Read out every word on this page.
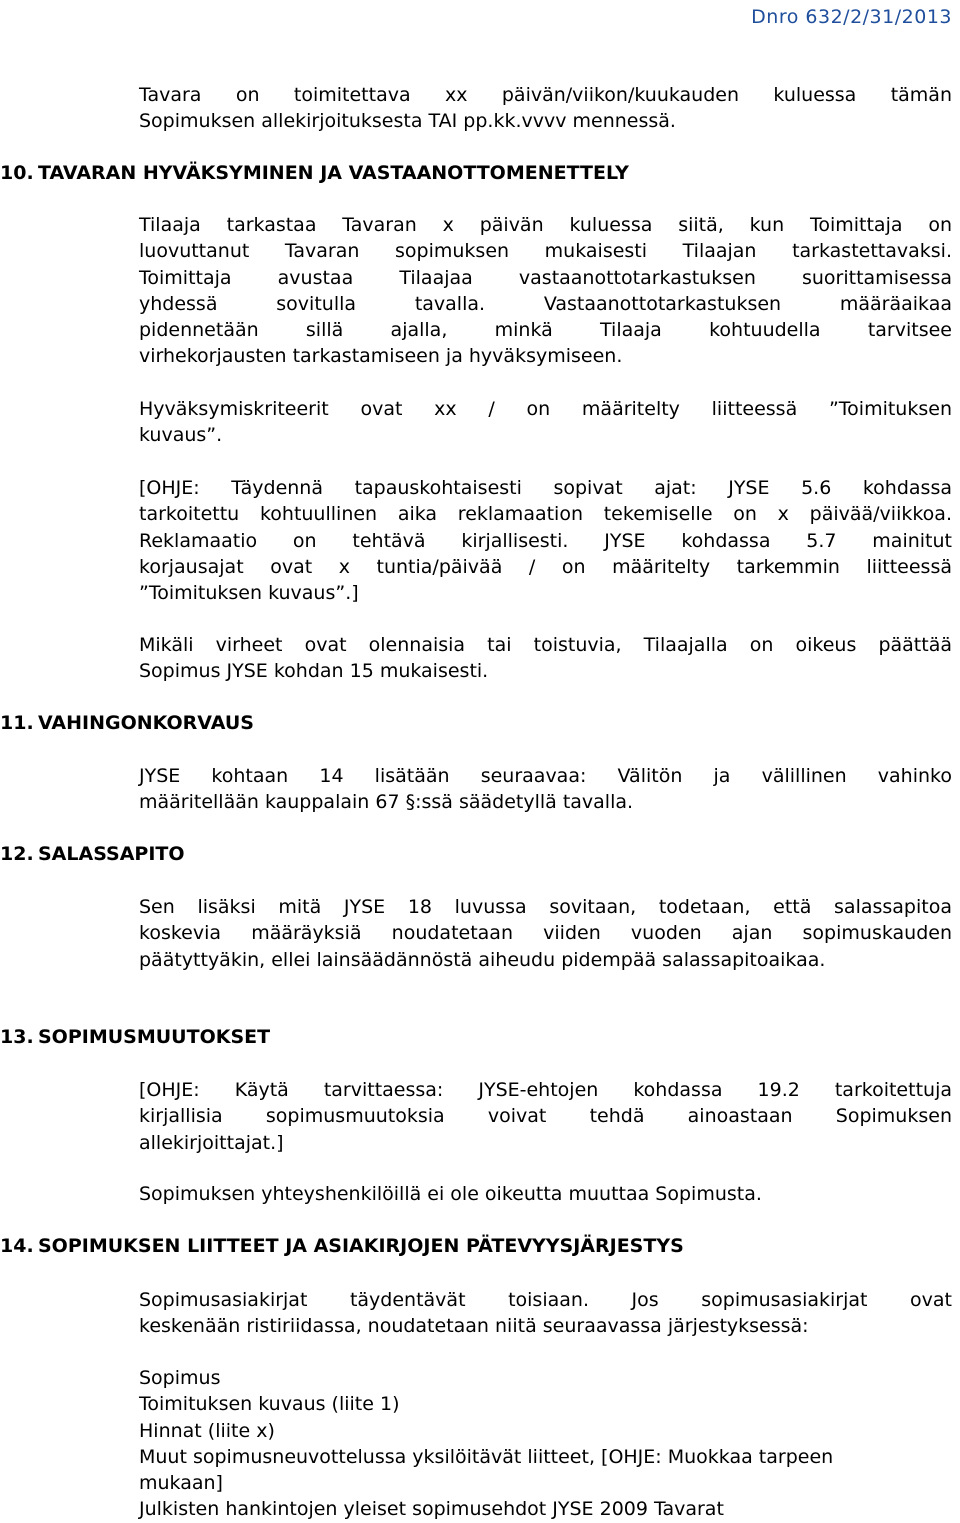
Dnro 632/2/31/2013
Tavara on toimitettava xx päivän/viikon/kuukauden kuluessa tämän
Sopimuksen allekirjoituksesta TAI pp.kk.vvvv mennessä.
10. TAVARAN HYVÄKSYMINEN JA VASTAANOTTOMENETTELY
Tilaaja tarkastaa Tavaran x päivän kuluessa siitä, kun Toimittaja on
luovuttanut Tavaran sopimuksen mukaisesti Tilaajan tarkastettavaksi.
Toimittaja avustaa Tilaajaa vastaanottotarkastuksen suorittamisessa
yhdessä sovitulla tavalla. Vastaanottotarkastuksen määräaikaa
pidennetään sillä ajalla, minkä Tilaaja kohtuudella tarvitsee
virhekorjausten tarkastamiseen ja hyväksymiseen.
Hyväksymiskriteerit ovat xx / on määritelty liitteessä ”Toimituksen
kuvaus”.
[OHJE: Täydennä tapauskohtaisesti sopivat ajat: JYSE 5.6 kohdassa
tarkoitettu kohtuullinen aika reklamaation tekemiselle on x päivää/viikkoa.
Reklamaatio on tehtävä kirjallisesti. JYSE kohdassa 5.7 mainitut
korjausajat ovat x tuntia/päivää / on määritelty tarkemmin liitteessä
”Toimituksen kuvaus”.]
Mikäli virheet ovat olennaisia tai toistuvia, Tilaajalla on oikeus päättää
Sopimus JYSE kohdan 15 mukaisesti.
11. VAHINGONKORVAUS
JYSE kohtaan 14 lisätään seuraavaa: Välitön ja välillinen vahinko
määritellään kauppalain 67 §:ssä säädetyllä tavalla.
12. SALASSAPITO
Sen lisäksi mitä JYSE 18 luvussa sovitaan, todetaan, että salassapitoa
koskevia määräyksiä noudatetaan viiden vuoden ajan sopimuskauden
päätyttyäkin, ellei lainsäädännöstä aiheudu pidempää salassapitoaikaa.
13. SOPIMUSMUUTOKSET
[OHJE: Käytä tarvittaessa: JYSE-ehtojen kohdassa 19.2 tarkoitettuja
kirjallisia sopimusmuutoksia voivat tehdä ainoastaan Sopimuksen
allekirjoittajat.]
Sopimuksen yhteyshenkilöillä ei ole oikeutta muuttaa Sopimusta.
14. SOPIMUKSEN LIITTEET JA ASIAKIRJOJEN PÄTEVYYSJÄRJESTYS
Sopimusasiakirjat täydentävät toisiaan. Jos sopimusasiakirjat ovat
keskenään ristiriidassa, noudatetaan niitä seuraavassa järjestyksessä:
Sopimus
Toimituksen kuvaus (liite 1)
Hinnat (liite x)
Muut sopimusneuvottelussa yksilöitävät liitteet, [OHJE: Muokkaa tarpeen
mukaan]
Julkisten hankintojen yleiset sopimusehdot JYSE 2009 Tavarat
